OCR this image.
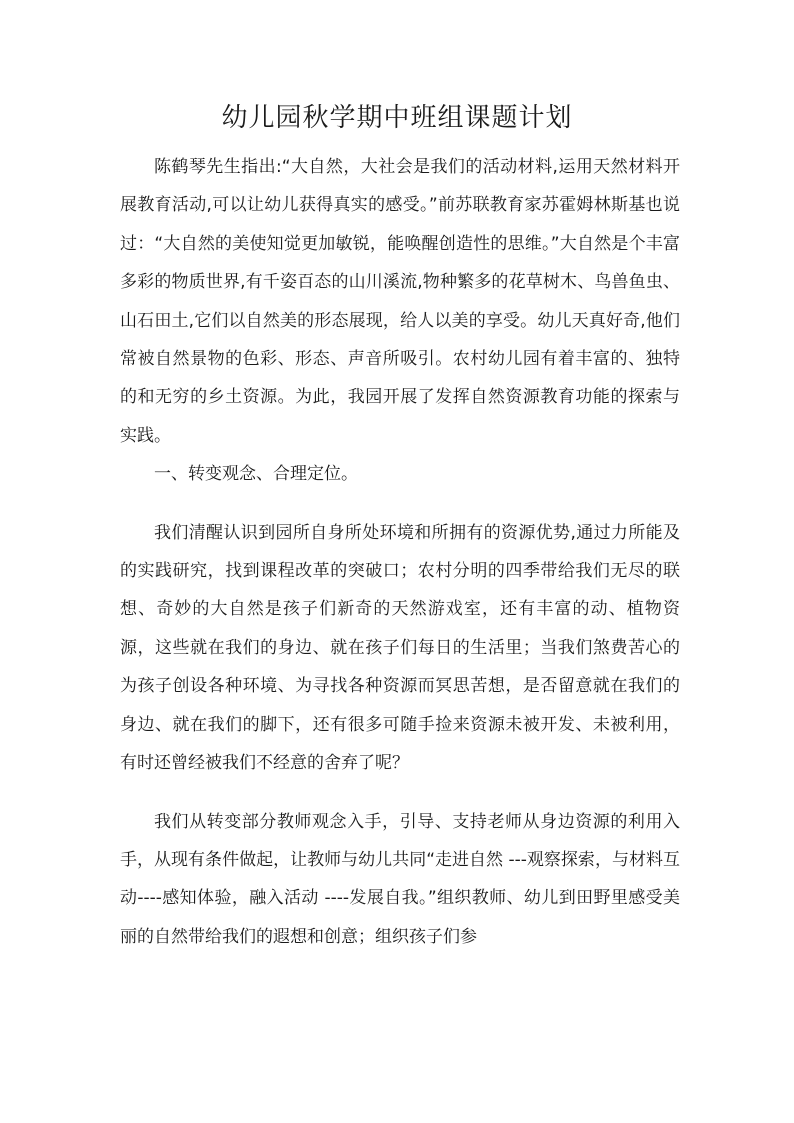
幼儿园秋学期中班组课题计划

陈鹤琴先生指出:“大自然，大社会是我们的活动材料,运用天然材料开展教育活动,可以让幼儿获得真实的感受。”前苏联教育家苏霍姆林斯基也说过：“大自然的美使知觉更加敏锐，能唤醒创造性的思维。”大自然是个丰富多彩的物质世界,有千姿百态的山川溪流,物种繁多的花草树木、鸟兽鱼虫、山石田土,它们以自然美的形态展现，给人以美的享受。幼儿天真好奇,他们常被自然景物的色彩、形态、声音所吸引。农村幼儿园有着丰富的、独特的和无穷的乡土资源。为此，我园开展了发挥自然资源教育功能的探索与实践。

一、转变观念、合理定位。

我们清醒认识到园所自身所处环境和所拥有的资源优势,通过力所能及的实践研究，找到课程改革的突破口；农村分明的四季带给我们无尽的联想、奇妙的大自然是孩子们新奇的天然游戏室，还有丰富的动、植物资源，这些就在我们的身边、就在孩子们每日的生活里；当我们煞费苦心的为孩子创设各种环境、为寻找各种资源而冥思苦想，是否留意就在我们的身边、就在我们的脚下，还有很多可随手捡来资源未被开发、未被利用，有时还曾经被我们不经意的舍弃了呢？

我们从转变部分教师观念入手，引导、支持老师从身边资源的利用入手，从现有条件做起，让教师与幼儿共同“走进自然 ---观察探索，与材料互动----感知体验，融入活动 ----发展自我。”组织教师、幼儿到田野里感受美丽的自然带给我们的遐想和创意；组织孩子们参
